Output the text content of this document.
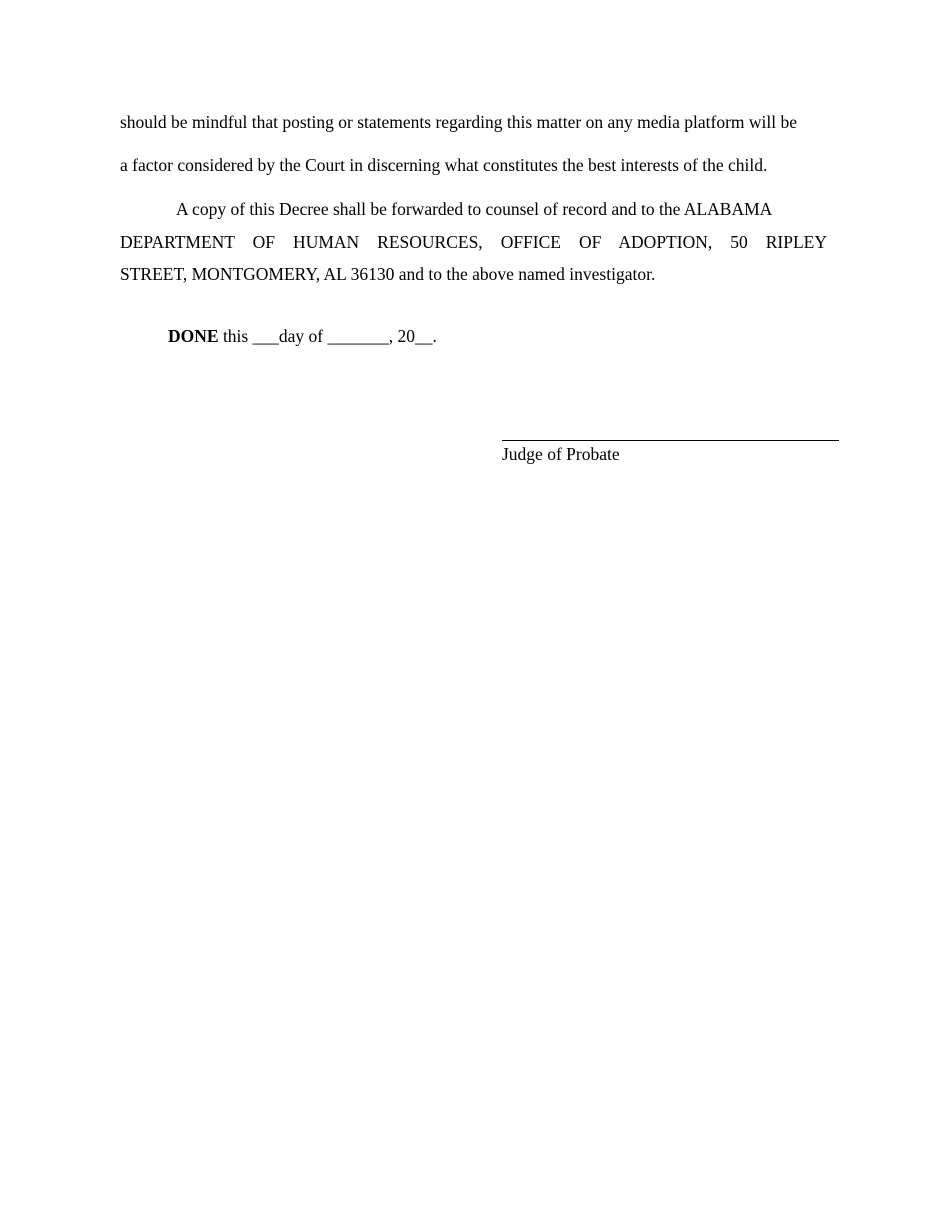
should be mindful that posting or statements regarding this matter on any media platform will be
a factor considered by the Court in discerning what constitutes the best interests of the child.
A copy of this Decree shall be forwarded to counsel of record and to the ALABAMA
DEPARTMENT OF HUMAN RESOURCES, OFFICE OF ADOPTION, 50 RIPLEY
STREET, MONTGOMERY, AL 36130 and to the above named investigator.
DONE this ___day of _______, 20__.
Judge of Probate
